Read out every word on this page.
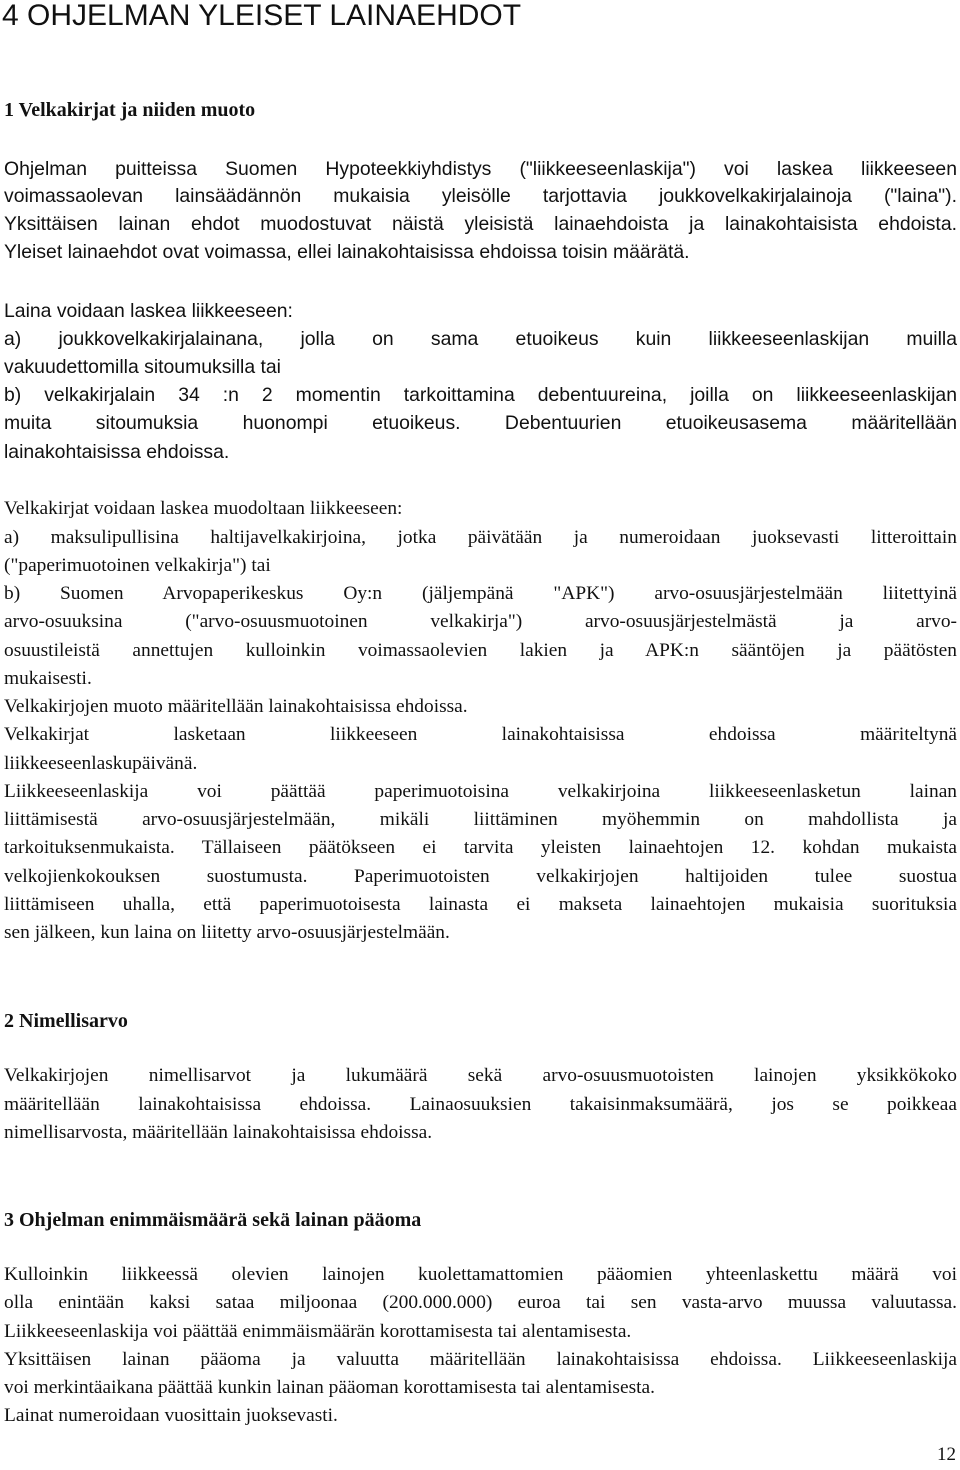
4 OHJELMAN YLEISET LAINAEHDOT
1 Velkakirjat ja niiden muoto
Ohjelman puitteissa Suomen Hypoteekkiyhdistys ("liikkeeseenlaskija") voi laskea liikkeeseen
voimassaolevan lainsäädännön mukaisia yleisölle tarjottavia joukkovelkakirjalainoja ("laina").
Yksittäisen lainan ehdot muodostuvat näistä yleisistä lainaehdoista ja lainakohtaisista ehdoista.
Yleiset lainaehdot ovat voimassa, ellei lainakohtaisissa ehdoissa toisin määrätä.
Laina voidaan laskea liikkeeseen:
a) joukkovelkakirjalainana, jolla on sama etuoikeus kuin liikkeeseenlaskijan muilla
vakuudettomilla sitoumuksilla tai
b) velkakirjalain 34 :n 2 momentin tarkoittamina debentuureina, joilla on liikkeeseenlaskijan
muita sitoumuksia huonompi etuoikeus. Debentuurien etuoikeusasema määritellään
lainakohtaisissa ehdoissa.
Velkakirjat voidaan laskea muodoltaan liikkeeseen:
a) maksulipullisina haltijavelkakirjoina, jotka päivätään ja numeroidaan juoksevasti litteroittain
("paperimuotoinen velkakirja") tai
b) Suomen Arvopaperikeskus Oy:n (jäljempänä "APK") arvo-osuusjärjestelmään liitettyinä
arvo-osuuksina ("arvo-osuusmuotoinen velkakirja") arvo-osuusjärjestelmästä ja arvo-
osuustileistä annettujen kulloinkin voimassaolevien lakien ja APK:n sääntöjen ja päätösten
mukaisesti.
Velkakirjojen muoto määritellään lainakohtaisissa ehdoissa.
Velkakirjat lasketaan liikkeeseen lainakohtaisissa ehdoissa määriteltynä
liikkeeseenlaskupäivänä.
Liikkeeseenlaskija voi päättää paperimuotoisina velkakirjoina liikkeeseenlasketun lainan
liittämisestä arvo-osuusjärjestelmään, mikäli liittäminen myöhemmin on mahdollista ja
tarkoituksenmukaista. Tällaiseen päätökseen ei tarvita yleisten lainaehtojen 12. kohdan mukaista
velkojienkokouksen suostumusta. Paperimuotoisten velkakirjojen haltijoiden tulee suostua
liittämiseen uhalla, että paperimuotoisesta lainasta ei makseta lainaehtojen mukaisia suorituksia
sen jälkeen, kun laina on liitetty arvo-osuusjärjestelmään.
2 Nimellisarvo
Velkakirjojen nimellisarvot ja lukumäärä sekä arvo-osuusmuotoisten lainojen yksikkökoko
määritellään lainakohtaisissa ehdoissa. Lainaosuuksien takaisinmaksumäärä, jos se poikkeaa
nimellisarvosta, määritellään lainakohtaisissa ehdoissa.
3 Ohjelman enimmäismäärä sekä lainan pääoma
Kulloinkin liikkeessä olevien lainojen kuolettamattomien pääomien yhteenlaskettu määrä voi
olla enintään kaksi sataa miljoonaa (200.000.000) euroa tai sen vasta-arvo muussa valuutassa.
Liikkeeseenlaskija voi päättää enimmäismäärän korottamisesta tai alentamisesta.
Yksittäisen lainan pääoma ja valuutta määritellään lainakohtaisissa ehdoissa. Liikkeeseenlaskija
voi merkintäaikana päättää kunkin lainan pääoman korottamisesta tai alentamisesta.
Lainat numeroidaan vuosittain juoksevasti.
12
